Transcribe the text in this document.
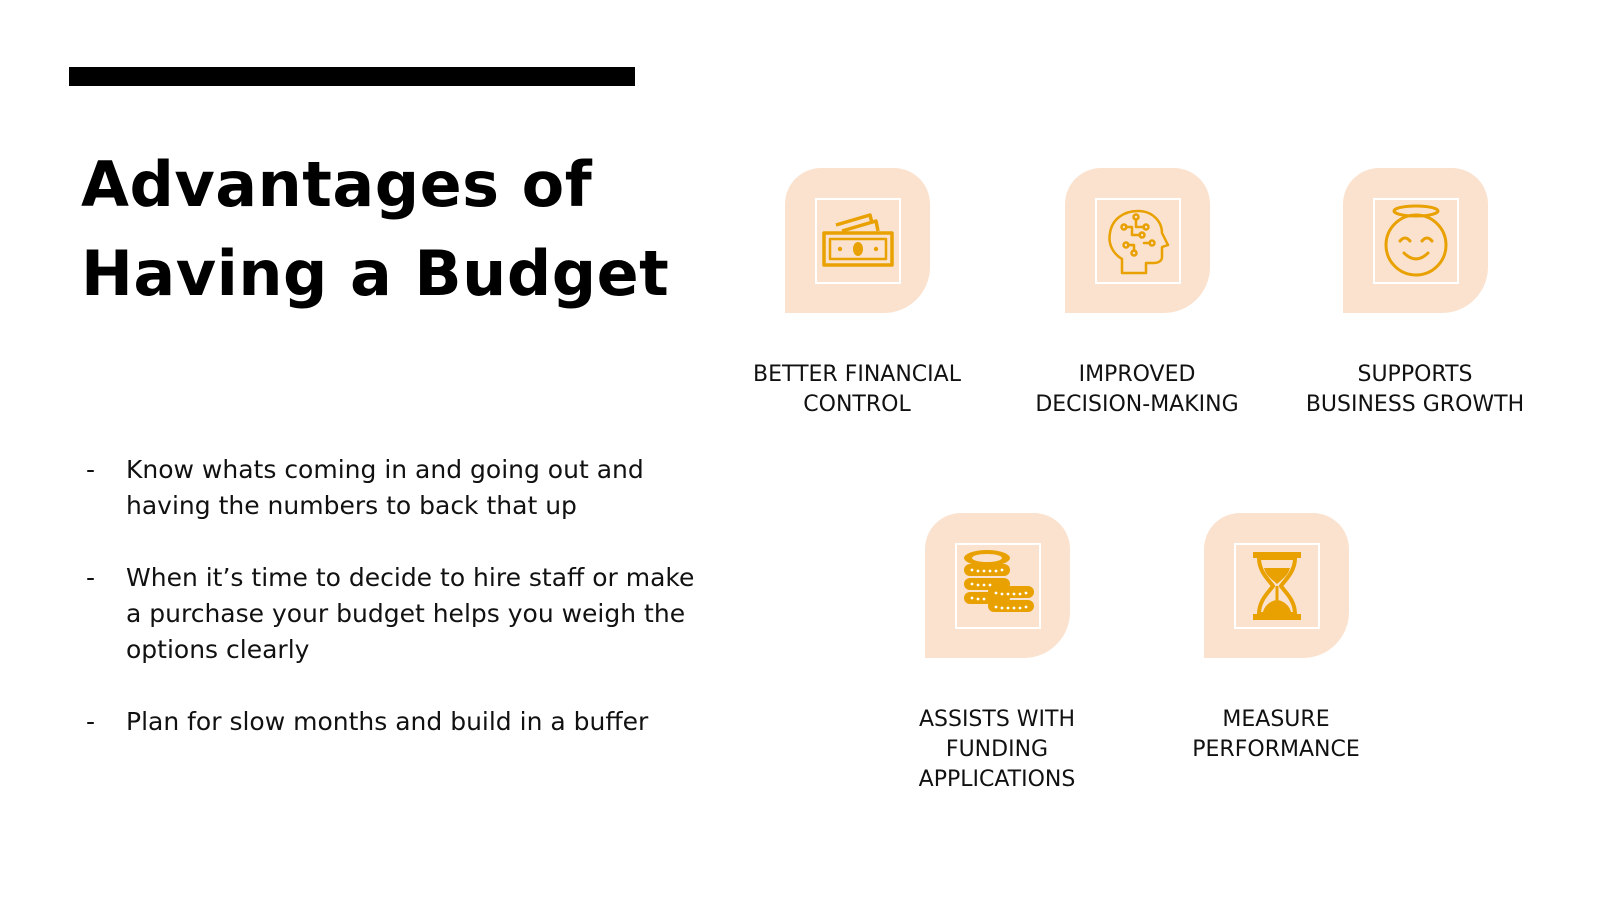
Advantages of Having a Budget
- Know whats coming in and going out and having the numbers to back that up
- When it’s time to decide to hire staff or make a purchase your budget helps you weigh the options clearly
- Plan for slow months and build in a buffer
BETTER FINANCIAL CONTROL
IMPROVED DECISION-MAKING
SUPPORTS BUSINESS GROWTH
ASSISTS WITH FUNDING APPLICATIONS
MEASURE PERFORMANCE
